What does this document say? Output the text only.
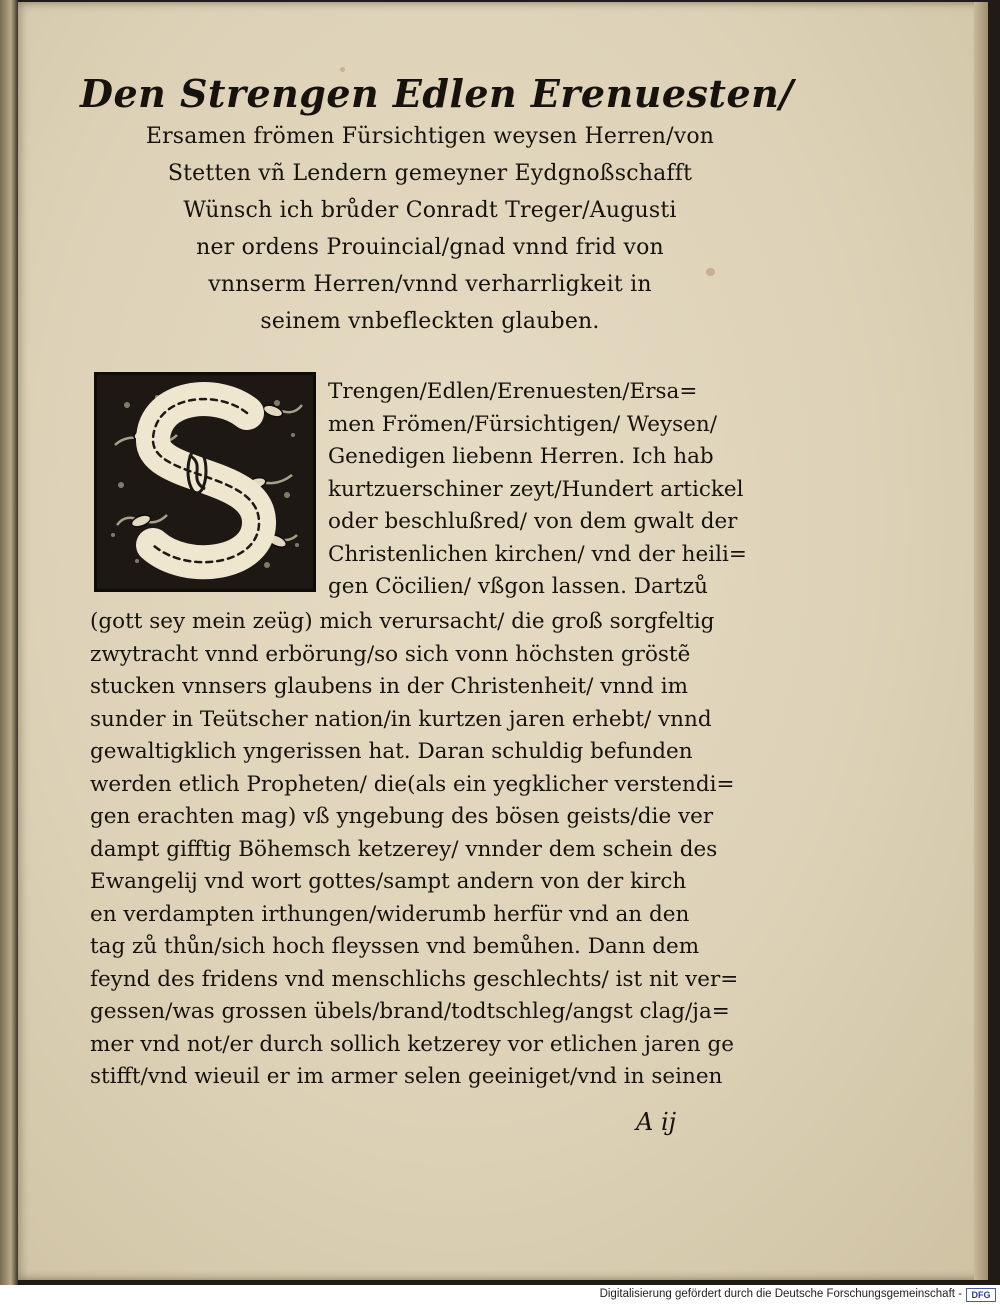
Den Strengen Edlen Erenuesten/
Ersamen frömen Fürsichtigen weysen Herren/von
Stetten vñ Lendern gemeyner Eydgnoßschafft
Wünsch ich brůder Conradt Treger/Augusti
ner ordens Prouincial/gnad vnnd frid von
vnnserm Herren/vnnd verharrligkeit in
seinem vnbefleckten glauben.
Trengen/Edlen/Erenuesten/Ersa=
men Frömen/Fürsichtigen/ Weysen/
Genedigen liebenn Herren. Ich hab
kurtzuerschiner zeyt/Hundert artickel
oder beschlußred/ von dem gwalt der
Christenlichen kirchen/ vnd der heili=
gen Cöcilien/ vßgon lassen. Dartzů
(gott sey mein zeüg) mich verursacht/ die groß sorgfeltig
zwytracht vnnd erbörung/so sich vonn höchsten gröstẽ
stucken vnnsers glaubens in der Christenheit/ vnnd im
sunder in Teütscher nation/in kurtzen jaren erhebt/ vnnd
gewaltigklich yngerissen hat. Daran schuldig befunden
werden etlich Propheten/ die(als ein yegklicher verstendi=
gen erachten mag) vß yngebung des bösen geists/die ver
dampt gifftig Böhemsch ketzerey/ vnnder dem schein des
Ewangelij vnd wort gottes/sampt andern von der kirch
en verdampten irthungen/widerumb herfür vnd an den
tag zů thůn/sich hoch fleyssen vnd bemůhen. Dann dem
feynd des fridens vnd menschlichs geschlechts/ ist nit ver=
gessen/was grossen übels/brand/todtschleg/angst clag/ja=
mer vnd not/er durch sollich ketzerey vor etlichen jaren ge
stifft/vnd wieuil er im armer selen geeiniget/vnd in seinen
A ij
Digitalisierung gefördert durch die Deutsche Forschungsgemeinschaft -	DFG
